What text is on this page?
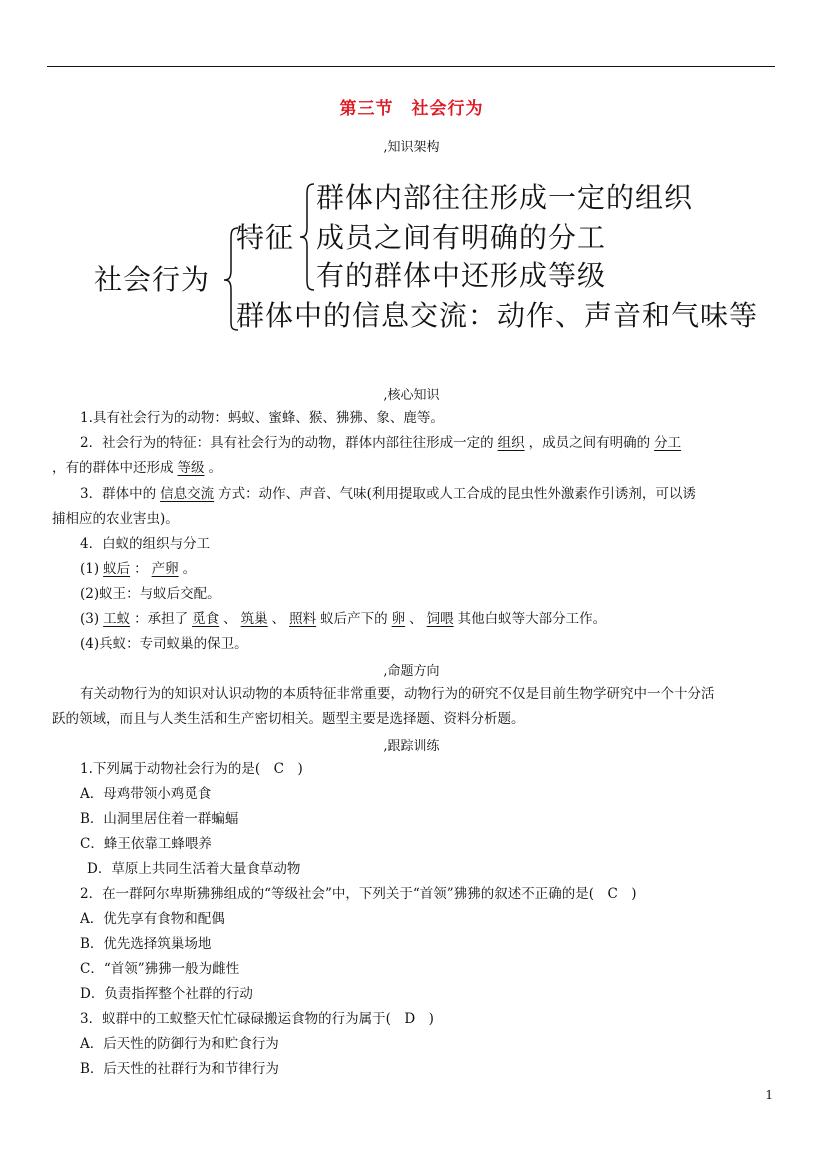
第三节　社会行为
,知识架构
社会行为
特征
群体内部往往形成一定的组织
成员之间有明确的分工
有的群体中还形成等级
群体中的信息交流：动作、声音和气味等
,核心知识
1.具有社会行为的动物：蚂蚁、蜜蜂、猴、狒狒、象、鹿等。
2．社会行为的特征：具有社会行为的动物，群体内部往往形成一定的 组织 ，成员之间有明确的 分工
，有的群体中还形成 等级 。
3．群体中的 信息交流 方式：动作、声音、气味(利用提取或人工合成的昆虫性外激素作引诱剂，可以诱
捕相应的农业害虫)。
4．白蚁的组织与分工
(1) 蚁后 ： 产卵 。
(2)蚁王：与蚁后交配。
(3) 工蚁 ：承担了 觅食 、 筑巢 、 照料 蚁后产下的 卵 、 饲喂 其他白蚁等大部分工作。
(4)兵蚁：专司蚁巢的保卫。
,命题方向
有关动物行为的知识对认识动物的本质特征非常重要，动物行为的研究不仅是目前生物学研究中一个十分活
跃的领域，而且与人类生活和生产密切相关。题型主要是选择题、资料分析题。
,跟踪训练
1.下列属于动物社会行为的是(　C　)
A．母鸡带领小鸡觅食
B．山洞里居住着一群蝙蝠
C．蜂王依靠工蜂喂养
D．草原上共同生活着大量食草动物
2．在一群阿尔卑斯狒狒组成的“等级社会”中，下列关于“首领”狒狒的叙述不正确的是(　C　)
A．优先享有食物和配偶
B．优先选择筑巢场地
C．“首领”狒狒一般为雌性
D．负责指挥整个社群的行动
3．蚁群中的工蚁整天忙忙碌碌搬运食物的行为属于(　D　)
A．后天性的防御行为和贮食行为
B．后天性的社群行为和节律行为
1
